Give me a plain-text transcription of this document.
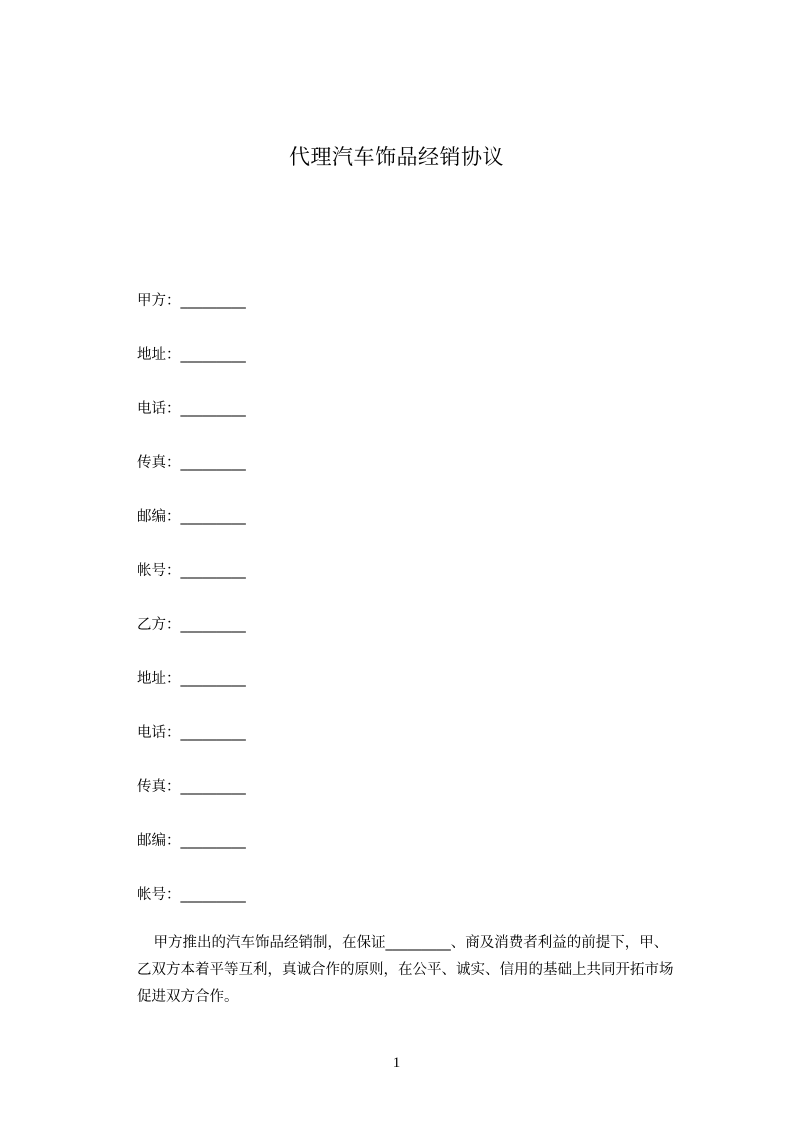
代理汽车饰品经销协议
甲方：_________
地址：_________
电话：_________
传真：_________
邮编：_________
帐号：_________
乙方：_________
地址：_________
电话：_________
传真：_________
邮编：_________
帐号：_________
　甲方推出的汽车饰品经销制，在保证_________、商及消费者利益的前提下，甲、
乙双方本着平等互利，真诚合作的原则，在公平、诚实、信用的基础上共同开拓市场
促进双方合作。
1
